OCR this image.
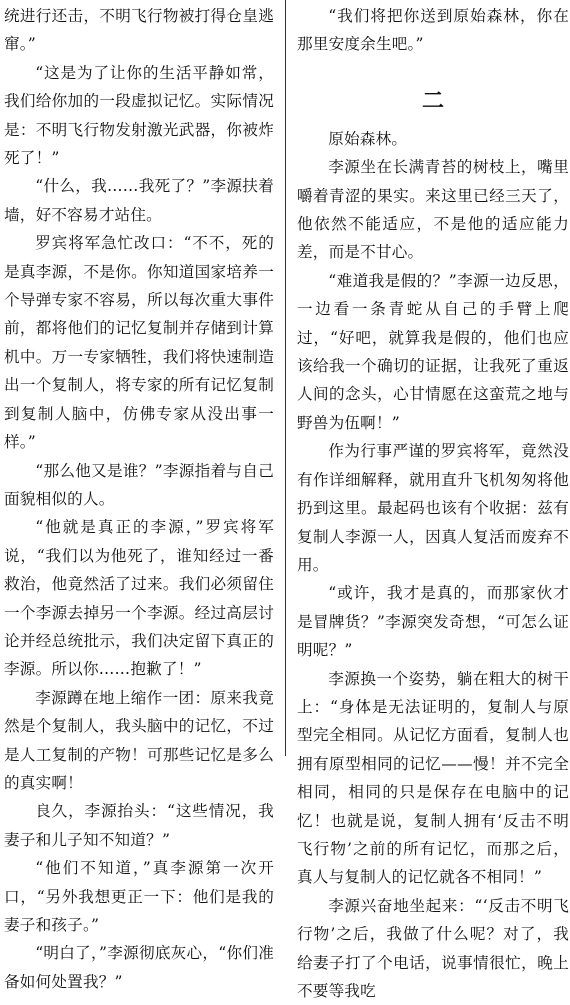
统进行还击，不明飞行物被打得仓皇逃窜。”

“这是为了让你的生活平静如常，我们给你加的一段虚拟记忆。实际情况是：不明飞行物发射激光武器，你被炸死了！”

“什么，我……我死了？”李源扶着墙，好不容易才站住。

罗宾将军急忙改口：“不不，死的是真李源，不是你。你知道国家培养一个导弹专家不容易，所以每次重大事件前，都将他们的记忆复制并存储到计算机中。万一专家牺牲，我们将快速制造出一个复制人，将专家的所有记忆复制到复制人脑中，仿佛专家从没出事一样。”

“那么他又是谁？”李源指着与自己面貌相似的人。

“他就是真正的李源，”罗宾将军说，“我们以为他死了，谁知经过一番救治，他竟然活了过来。我们必须留住一个李源去掉另一个李源。经过高层讨论并经总统批示，我们决定留下真正的李源。所以你……抱歉了！”

李源蹲在地上缩作一团：原来我竟然是个复制人，我头脑中的记忆，不过是人工复制的产物！可那些记忆是多么的真实啊！

良久，李源抬头：“这些情况，我妻子和儿子知不知道？”

“他们不知道，”真李源第一次开口，“另外我想更正一下：他们是我的妻子和孩子。”

“明白了，”李源彻底灰心，“你们准备如何处置我？”

“我们将把你送到原始森林，你在那里安度余生吧。”

二

原始森林。

李源坐在长满青苔的树枝上，嘴里嚼着青涩的果实。来这里已经三天了，他依然不能适应，不是他的适应能力差，而是不甘心。

“难道我是假的？”李源一边反思，一边看一条青蛇从自己的手臂上爬过，“好吧，就算我是假的，他们也应该给我一个确切的证据，让我死了重返人间的念头，心甘情愿在这蛮荒之地与野兽为伍啊！”

作为行事严谨的罗宾将军，竟然没有作详细解释，就用直升飞机匆匆将他扔到这里。最起码也该有个收据：兹有复制人李源一人，因真人复活而废弃不用。

“或许，我才是真的，而那家伙才是冒牌货？”李源突发奇想，“可怎么证明呢？”

李源换一个姿势，躺在粗大的树干上：“身体是无法证明的，复制人与原型完全相同。从记忆方面看，复制人也拥有原型相同的记忆——慢！并不完全相同，相同的只是保存在电脑中的记忆！也就是说，复制人拥有‘反击不明飞行物’之前的所有记忆，而那之后，真人与复制人的记忆就各不相同！”

李源兴奋地坐起来：“‘反击不明飞行物’之后，我做了什么呢？对了，我给妻子打了个电话，说事情很忙，晚上不要等我吃
